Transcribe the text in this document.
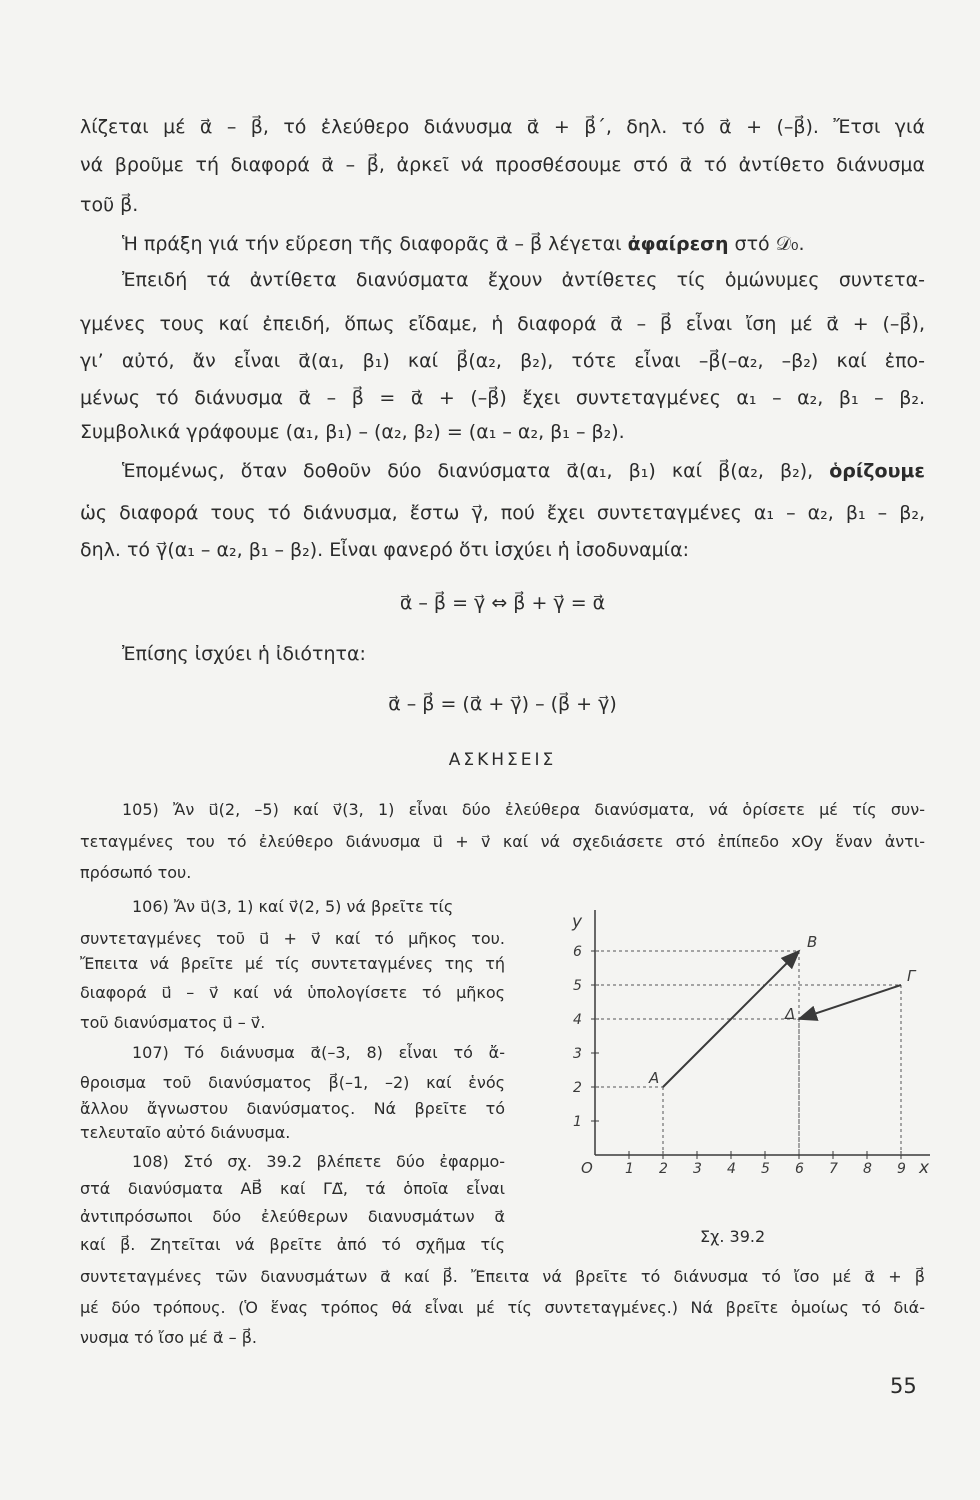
λίζεται μέ α⃗ – β⃗, τό ἐλεύθερο διάνυσμα α⃗ + β⃗΄, δηλ. τό α⃗ + (–β⃗). Ἔτσι γιά
νά βροῦμε τή διαφορά α⃗ – β⃗, ἀρκεῖ νά προσθέσουμε στό α⃗ τό ἀντίθετο διάνυσμα
τοῦ β⃗.
Ἡ πράξη γιά τήν εὕρεση τῆς διαφορᾶς α⃗ – β⃗ λέγεται ἀφαίρεση στό 𝒟₀.
Ἐπειδή τά ἀντίθετα διανύσματα ἔχουν ἀντίθετες τίς ὁμώνυμες συντετα-
γμένες τους καί ἐπειδή, ὅπως εἴδαμε, ἡ διαφορά α⃗ – β⃗ εἶναι ἴση μέ α⃗ + (–β⃗),
γι’ αὐτό, ἄν εἶναι α⃗(α₁, β₁) καί β⃗(α₂, β₂), τότε εἶναι –β⃗(–α₂, –β₂) καί ἐπο-
μένως τό διάνυσμα α⃗ – β⃗ = α⃗ + (–β⃗) ἔχει συντεταγμένες α₁ – α₂, β₁ – β₂.
Συμβολικά γράφουμε (α₁, β₁) – (α₂, β₂) = (α₁ – α₂, β₁ – β₂).
Ἑπομένως, ὅταν δοθοῦν δύο διανύσματα α⃗(α₁, β₁) καί β⃗(α₂, β₂), ὁρίζουμε
ὡς διαφορά τους τό διάνυσμα, ἔστω γ⃗, πού ἔχει συντεταγμένες α₁ – α₂, β₁ – β₂,
δηλ. τό γ⃗(α₁ – α₂, β₁ – β₂). Εἶναι φανερό ὅτι ἰσχύει ἡ ἰσοδυναμία:
α⃗ – β⃗ = γ⃗ ⇔ β⃗ + γ⃗ = α⃗
Ἐπίσης ἰσχύει ἡ ἰδιότητα:
α⃗ – β⃗ = (α⃗ + γ⃗) – (β⃗ + γ⃗)
ΑΣΚΗΣΕΙΣ
105) Ἄν u⃗(2, –5) καί v⃗(3, 1) εἶναι δύο ἐλεύθερα διανύσματα, νά ὁρίσετε μέ τίς συν-
τεταγμένες του τό ἐλεύθερο διάνυσμα u⃗ + v⃗ καί νά σχεδιάσετε στό ἐπίπεδο xOy ἕναν ἀντι-
πρόσωπό του.
106) Ἄν u⃗(3, 1) καί v⃗(2, 5) νά βρεῖτε τίς
συντεταγμένες τοῦ u⃗ + v⃗ καί τό μῆκος του.
Ἔπειτα νά βρεῖτε μέ τίς συντεταγμένες της τή
διαφορά u⃗ – v⃗ καί νά ὑπολογίσετε τό μῆκος
τοῦ διανύσματος u⃗ – v⃗.
107) Τό διάνυσμα α⃗(–3, 8) εἶναι τό ἄ-
θροισμα τοῦ διανύσματος β⃗(–1, –2) καί ἑνός
ἄλλου ἄγνωστου διανύσματος. Νά βρεῖτε τό
τελευταῖο αὐτό διάνυσμα.
108) Στό σχ. 39.2 βλέπετε δύο ἐφαρμο-
στά διανύσματα AB⃗ καί ΓΔ⃗, τά ὁποῖα εἶναι
ἀντιπρόσωποι δύο ἐλεύθερων διανυσμάτων α⃗
καί β⃗. Ζητεῖται νά βρεῖτε ἀπό τό σχῆμα τίς
συντεταγμένες τῶν διανυσμάτων α⃗ καί β⃗. Ἔπειτα νά βρεῖτε τό διάνυσμα τό ἴσο μέ α⃗ + β⃗
μέ δύο τρόπους. (Ὁ ἕνας τρόπος θά εἶναι μέ τίς συντεταγμένες.) Νά βρεῖτε ὁμοίως τό διά-
νυσμα τό ἴσο μέ α⃗ – β⃗.
1 2 3 4 5 6 7 8 9
1
2
3
4
5
6
A
B
Γ
Δ
y
x
O
Σχ. 39.2
55
